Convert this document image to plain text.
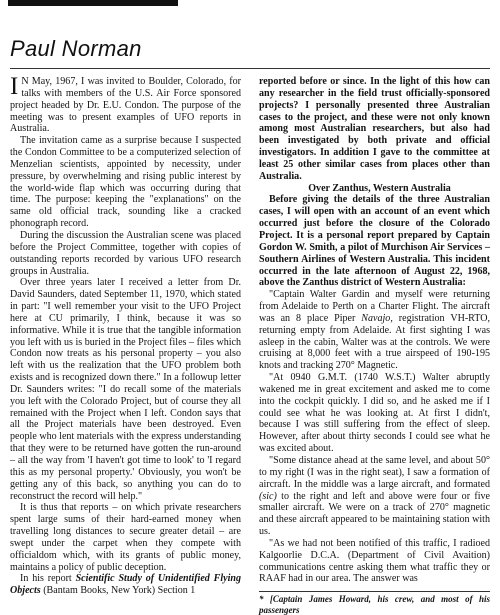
Paul Norman

I N May, 1967, I was invited to Boulder, Colorado, for talks with members of the U.S. Air Force sponsored project headed by Dr. E.U. Condon. The purpose of the meeting was to present examples of UFO reports in Australia.

The invitation came as a surprise because I suspected the Condon Committee to be a computerized selection of Menzelian scientists, appointed by necessity, under pressure, by overwhelming and rising public interest by the world-wide flap which was occurring during that time. The purpose: keeping the "explanations" on the same old official track, sounding like a cracked phonograph record.

During the discussion the Australian scene was placed before the Project Committee, together with copies of outstanding reports recorded by various UFO research groups in Australia.

Over three years later I received a letter from Dr. David Saunders, dated September 11, 1970, which stated in part: "I well remember your visit to the UFO Project here at CU primarily, I think, because it was so informative. While it is true that the tangible information you left with us is buried in the Project files – files which Condon now treats as his personal property – you also left with us the realization that the UFO problem both exists and is recognized down there." In a followup letter Dr. Saunders writes: "I do recall some of the materials you left with the Colorado Project, but of course they all remained with the Project when I left. Condon says that all the Project materials have been destroyed. Even people who lent materials with the express understanding that they were to be returned have gotten the run-around – all the way from 'I haven't got time to look' to 'I regard this as my personal property.' Obviously, you won't be getting any of this back, so anything you can do to reconstruct the record will help."

It is thus that reports – on which private researchers spent large sums of their hard-earned money when travelling long distances to secure greater detail – are swept under the carpet when they compete with officialdom which, with its grants of public money, maintains a policy of public deception.

In his report Scientific Study of Unidentified Flying Objects (Bantam Books, New York) Section 1

reported before or since. In the light of this how can any researcher in the field trust officially-sponsored projects? I personally presented three Australian cases to the project, and these were not only known among most Australian researchers, but also had been investigated by both private and official investigators. In addition I gave to the committee at least 25 other similar cases from places other than Australia.

Over Zanthus, Western Australia

Before giving the details of the three Australian cases, I will open with an account of an event which occurred just before the closure of the Colorado Project. It is a personal report prepared by Captain Gordon W. Smith, a pilot of Murchison Air Services – Southern Airlines of Western Australia. This incident occurred in the late afternoon of August 22, 1968, above the Zanthus district of Western Australia:

"Captain Walter Gardin and myself were returning from Adelaide to Perth on a Charter Flight. The aircraft was an 8 place Piper Navajo, registration VH-RTO, returning empty from Adelaide. At first sighting I was asleep in the cabin, Walter was at the controls. We were cruising at 8,000 feet with a true airspeed of 190-195 knots and tracking 270° Magnetic.

"At 0940 G.M.T. (1740 W.S.T.) Walter abruptly wakened me in great excitement and asked me to come into the cockpit quickly. I did so, and he asked me if I could see what he was looking at. At first I didn't, because I was still suffering from the effect of sleep. However, after about thirty seconds I could see what he was excited about.

"Some distance ahead at the same level, and about 50° to my right (I was in the right seat), I saw a formation of aircraft. In the middle was a large aircraft, and formated (sic) to the right and left and above were four or five smaller aircraft. We were on a track of 270° magnetic and these aircraft appeared to be maintaining station with us.

"As we had not been notified of this traffic, I radioed Kalgoorlie D.C.A. (Department of Civil Avaition) communications centre asking them what traffic they or RAAF had in our area. The answer was

* [Captain James Howard, his crew, and most of his passengers
